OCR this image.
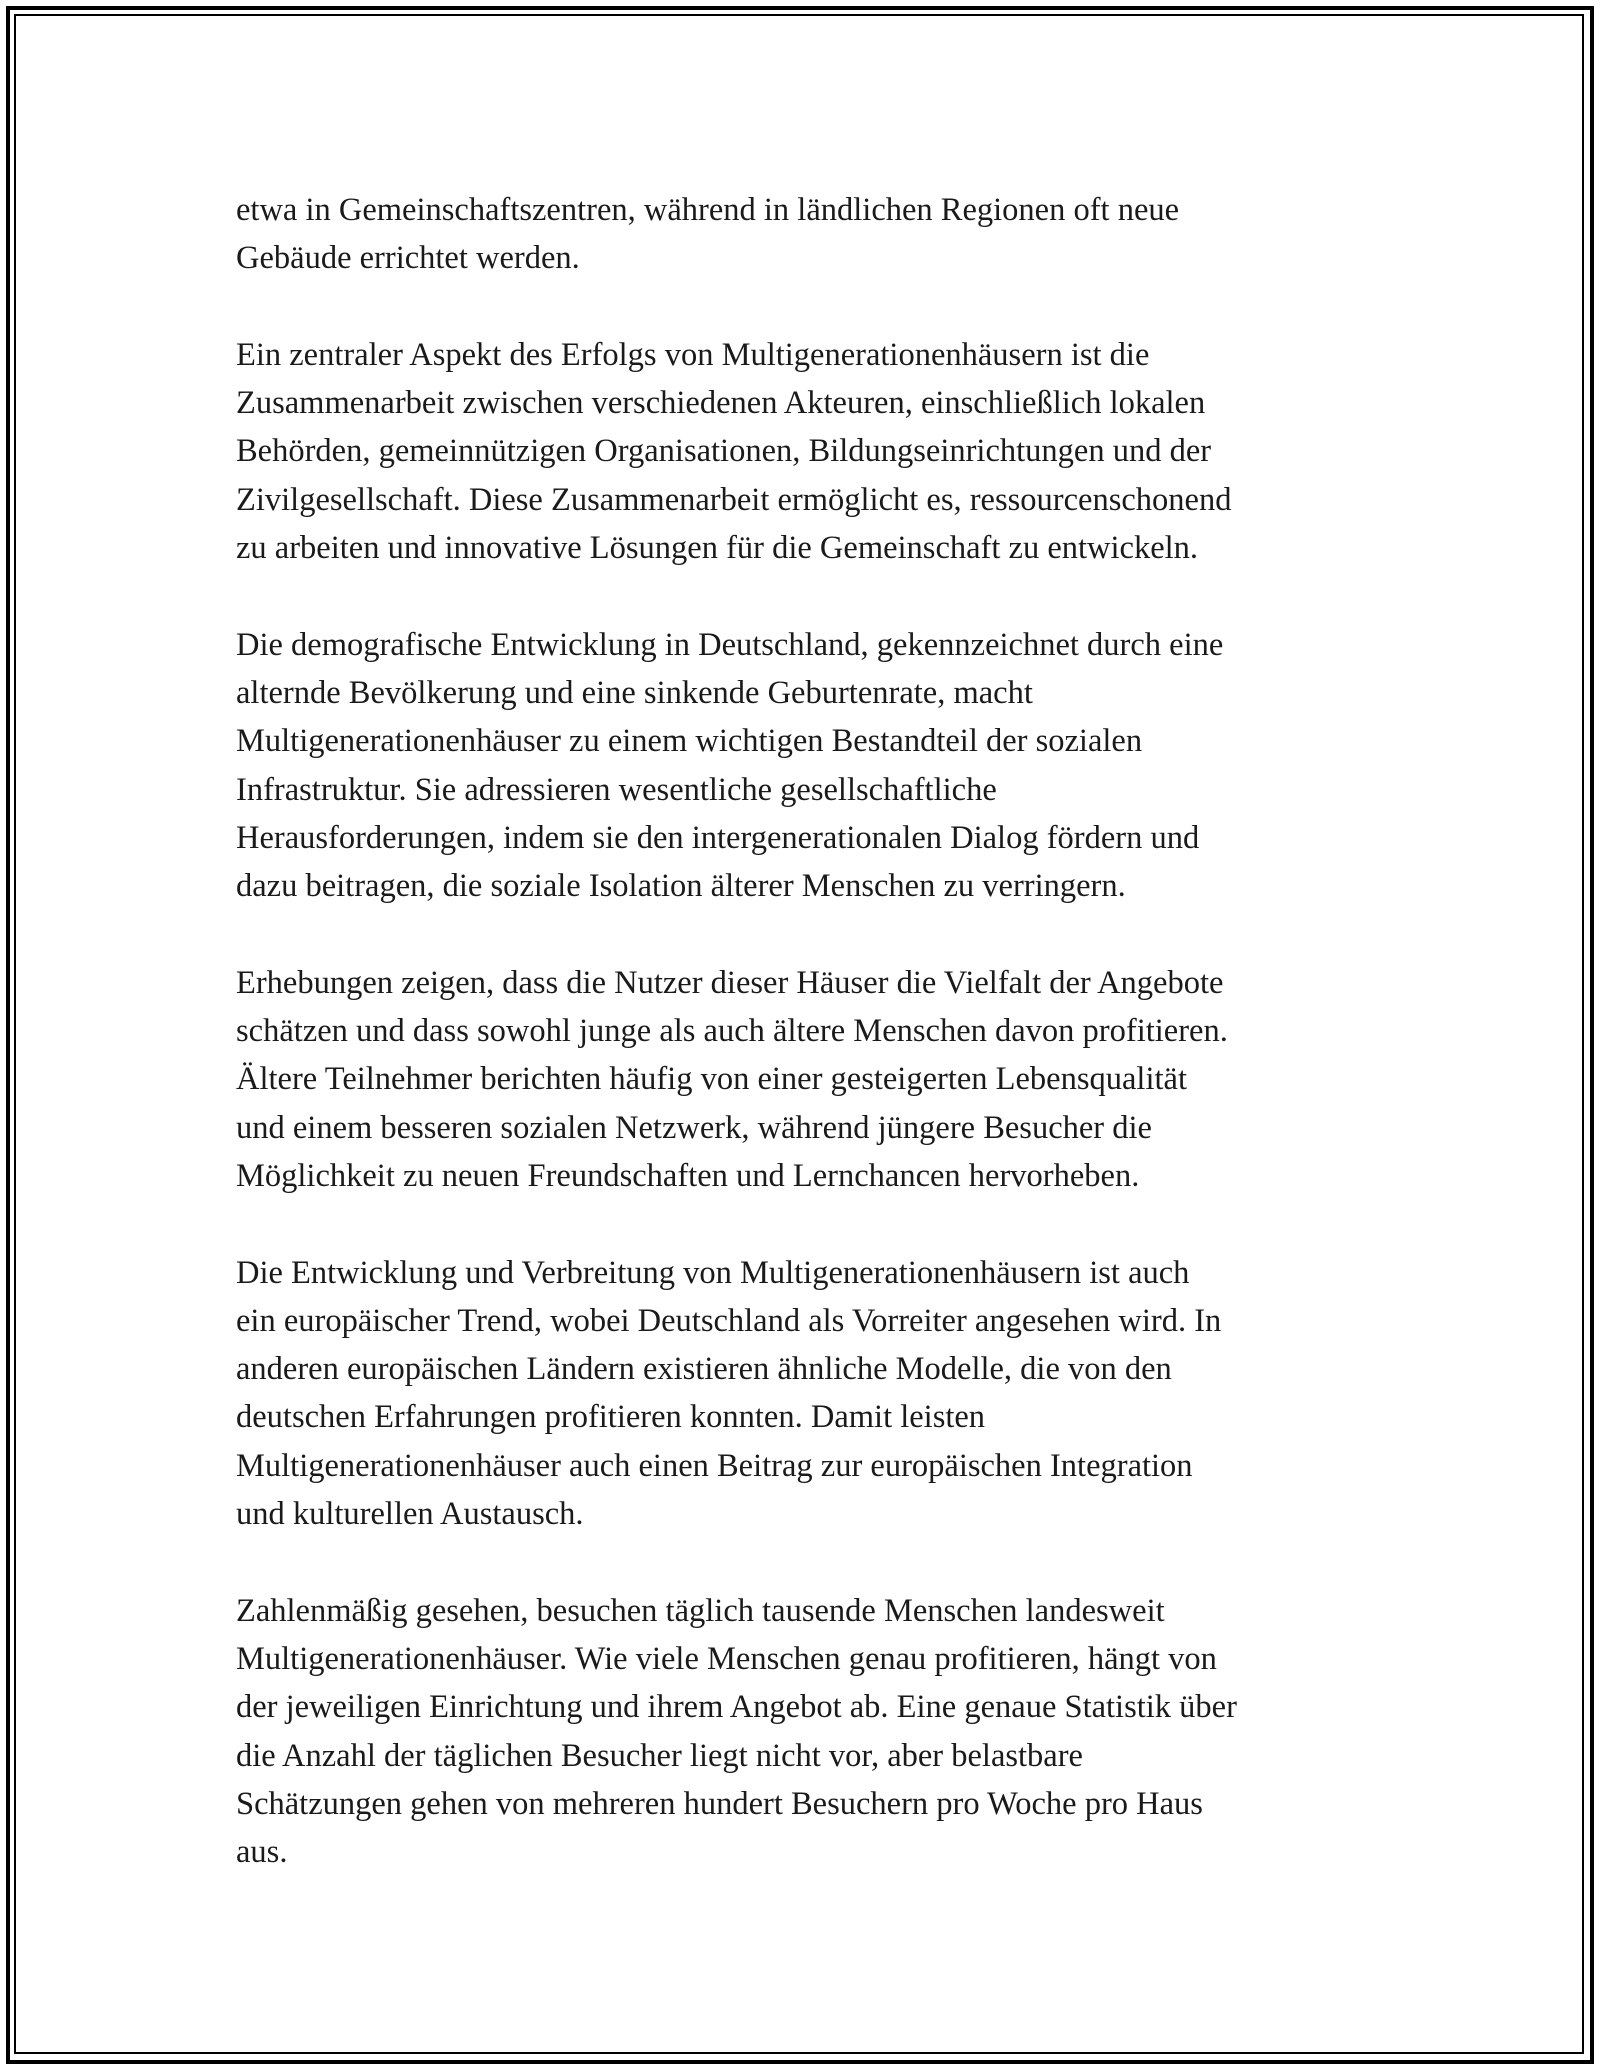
etwa in Gemeinschaftszentren, während in ländlichen Regionen oft neue
Gebäude errichtet werden.

Ein zentraler Aspekt des Erfolgs von Multigenerationenhäusern ist die
Zusammenarbeit zwischen verschiedenen Akteuren, einschließlich lokalen
Behörden, gemeinnützigen Organisationen, Bildungseinrichtungen und der
Zivilgesellschaft. Diese Zusammenarbeit ermöglicht es, ressourcenschonend
zu arbeiten und innovative Lösungen für die Gemeinschaft zu entwickeln.

Die demografische Entwicklung in Deutschland, gekennzeichnet durch eine
alternde Bevölkerung und eine sinkende Geburtenrate, macht
Multigenerationenhäuser zu einem wichtigen Bestandteil der sozialen
Infrastruktur. Sie adressieren wesentliche gesellschaftliche
Herausforderungen, indem sie den intergenerationalen Dialog fördern und
dazu beitragen, die soziale Isolation älterer Menschen zu verringern.

Erhebungen zeigen, dass die Nutzer dieser Häuser die Vielfalt der Angebote
schätzen und dass sowohl junge als auch ältere Menschen davon profitieren.
Ältere Teilnehmer berichten häufig von einer gesteigerten Lebensqualität
und einem besseren sozialen Netzwerk, während jüngere Besucher die
Möglichkeit zu neuen Freundschaften und Lernchancen hervorheben.

Die Entwicklung und Verbreitung von Multigenerationenhäusern ist auch
ein europäischer Trend, wobei Deutschland als Vorreiter angesehen wird. In
anderen europäischen Ländern existieren ähnliche Modelle, die von den
deutschen Erfahrungen profitieren konnten. Damit leisten
Multigenerationenhäuser auch einen Beitrag zur europäischen Integration
und kulturellen Austausch.

Zahlenmäßig gesehen, besuchen täglich tausende Menschen landesweit
Multigenerationenhäuser. Wie viele Menschen genau profitieren, hängt von
der jeweiligen Einrichtung und ihrem Angebot ab. Eine genaue Statistik über
die Anzahl der täglichen Besucher liegt nicht vor, aber belastbare
Schätzungen gehen von mehreren hundert Besuchern pro Woche pro Haus
aus.
